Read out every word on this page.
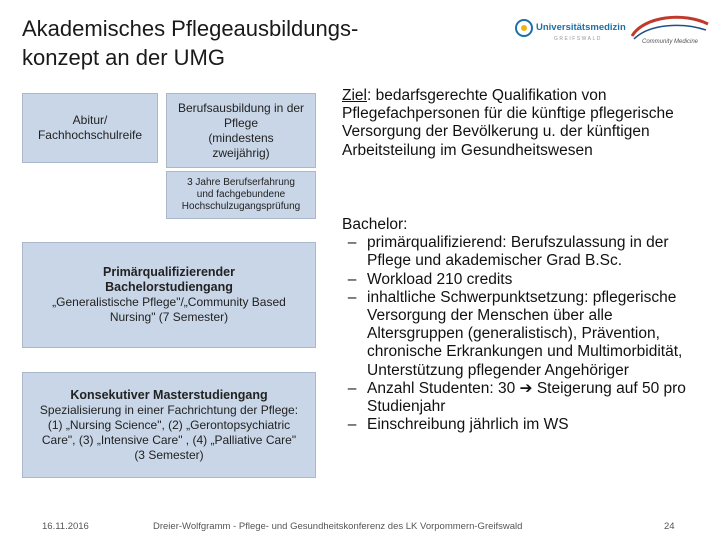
Akademisches Pflegeausbildungs-
konzept an der UMG
Universitätsmedizin
GREIFSWALD	Community Medicine
Abitur/
Fachhochschulreife
Berufsausbildung in der
Pflege
(mindestens
zweijährig)
3 Jahre Berufserfahrung
und fachgebundene
Hochschulzugangsprüfung
Primärqualifizierender
Bachelorstudiengang
„Generalistische Pflege"/„Community Based
Nursing" (7 Semester)
Konsekutiver Masterstudiengang
Spezialisierung in einer Fachrichtung der Pflege:
(1) „Nursing Science", (2) „Gerontopsychiatric
Care", (3) „Intensive Care" , (4) „Palliative Care"
(3 Semester)
Ziel: bedarfsgerechte Qualifikation von Pflegefachpersonen für die künftige pflegerische Versorgung der Bevölkerung u. der künftigen Arbeitsteilung im Gesundheitswesen
Bachelor:
– primärqualifizierend: Berufszulassung in der Pflege und akademischer Grad B.Sc.
– Workload 210 credits
– inhaltliche Schwerpunktsetzung: pflegerische Versorgung der Menschen über alle Altersgruppen (generalistisch), Prävention, chronische Erkrankungen und Multimorbidität, Unterstützung pflegender Angehöriger
– Anzahl Studenten: 30 ➔ Steigerung auf 50 pro Studienjahr
– Einschreibung jährlich im WS
16.11.2016	Dreier-Wolfgramm - Pflege- und Gesundheitskonferenz des LK Vorpommern-Greifswald	24
